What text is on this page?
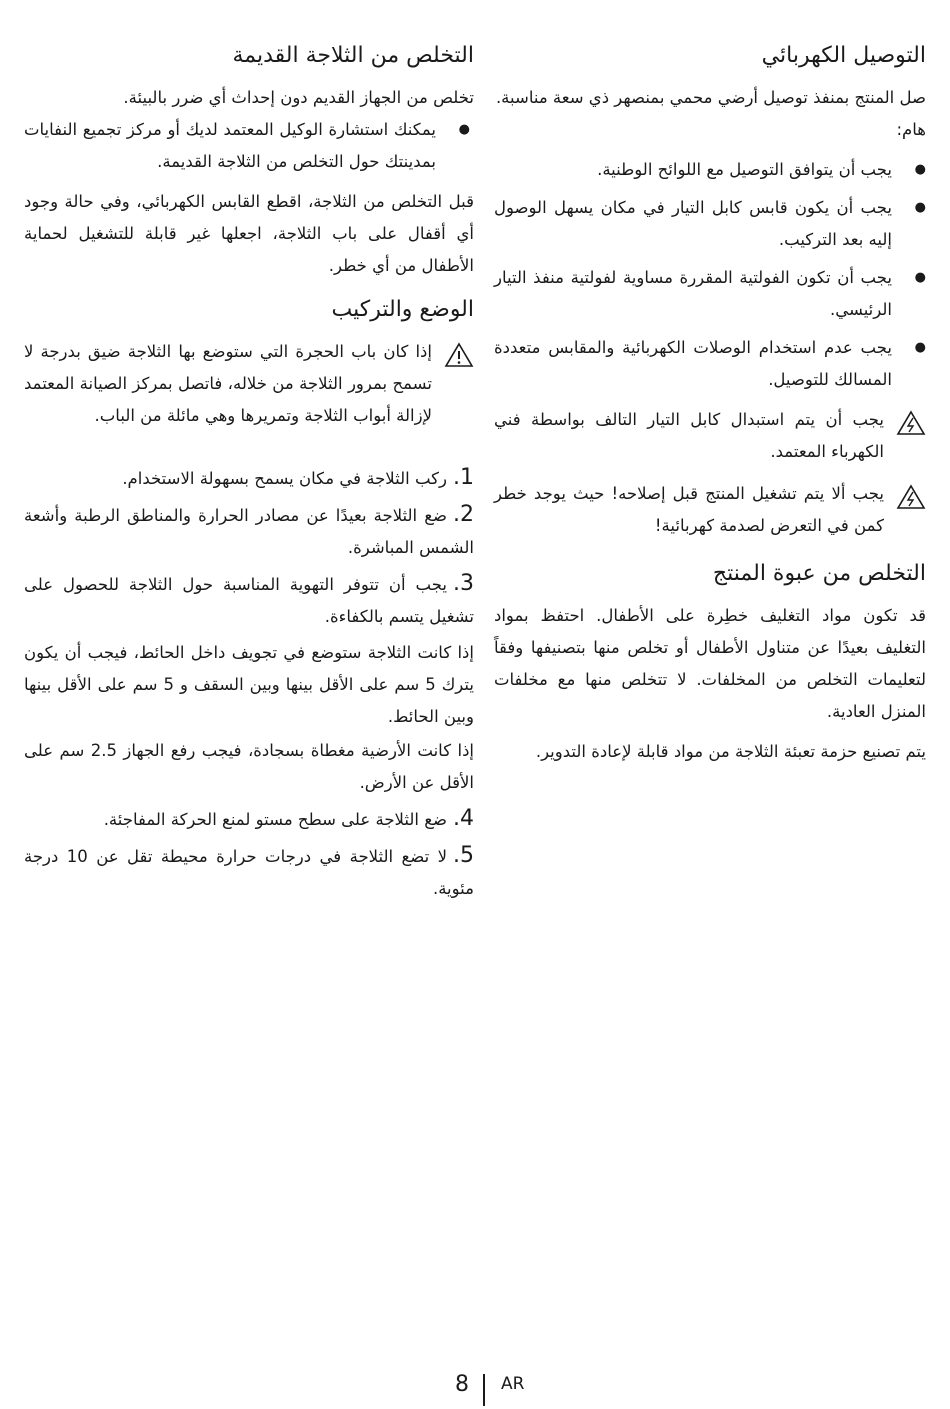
التوصيل الكهربائي

صل المنتج بمنفذ توصيل أرضي محمي بمنصهر ذي سعة مناسبة.

هام:

● يجب أن يتوافق التوصيل مع اللوائح الوطنية.
● يجب أن يكون قابس كابل التيار في مكان يسهل الوصول إليه بعد التركيب.
● يجب أن تكون الفولتية المقررة مساوية لفولتية منفذ التيار الرئيسي.
● يجب عدم استخدام الوصلات الكهربائية والمقابس متعددة المسالك للتوصيل.
يجب أن يتم استبدال كابل التيار التالف بواسطة فني الكهرباء المعتمد.
يجب ألا يتم تشغيل المنتج قبل إصلاحه! حيث يوجد خطر كمن في التعرض لصدمة كهربائية!
التخلص من عبوة المنتج

قد تكون مواد التغليف خطِرة على الأطفال. احتفظ بمواد التغليف بعيدًا عن متناول الأطفال أو تخلص منها بتصنيفها وفقاً لتعليمات التخلص من المخلفات. لا تتخلص منها مع مخلفات المنزل العادية.

يتم تصنيع حزمة تعبئة الثلاجة من مواد قابلة لإعادة التدوير.

التخلص من الثلاجة القديمة

تخلص من الجهاز القديم دون إحداث أي ضرر بالبيئة.

● يمكنك استشارة الوكيل المعتمد لديك أو مركز تجميع النفايات بمدينتك حول التخلص من الثلاجة القديمة.

قبل التخلص من الثلاجة، اقطع القابس الكهربائي، وفي حالة وجود أي أقفال على باب الثلاجة، اجعلها غير قابلة للتشغيل لحماية الأطفال من أي خطر.

الوضع والتركيب
إذا كان باب الحجرة التي ستوضع بها الثلاجة ضيق بدرجة لا تسمح بمرور الثلاجة من خلاله، فاتصل بمركز الصيانة المعتمد لإزالة أبواب الثلاجة وتمريرها وهي مائلة من الباب.
1.ركب الثلاجة في مكان يسمح بسهولة الاستخدام.
2.ضع الثلاجة بعيدًا عن مصادر الحرارة والمناطق الرطبة وأشعة الشمس المباشرة.
3.يجب أن تتوفر التهوية المناسبة حول الثلاجة للحصول على تشغيل يتسم بالكفاءة.

إذا كانت الثلاجة ستوضع في تجويف داخل الحائط، فيجب أن يكون يترك 5 سم على الأقل بينها وبين السقف و 5 سم على الأقل بينها وبين الحائط.

إذا كانت الأرضية مغطاة بسجادة، فيجب رفع الجهاز 2.5 سم على الأقل عن الأرض.

4.ضع الثلاجة على سطح مستو لمنع الحركة المفاجئة.
5.لا تضع الثلاجة في درجات حرارة محيطة تقل عن 10 درجة مئوية.
8 AR
